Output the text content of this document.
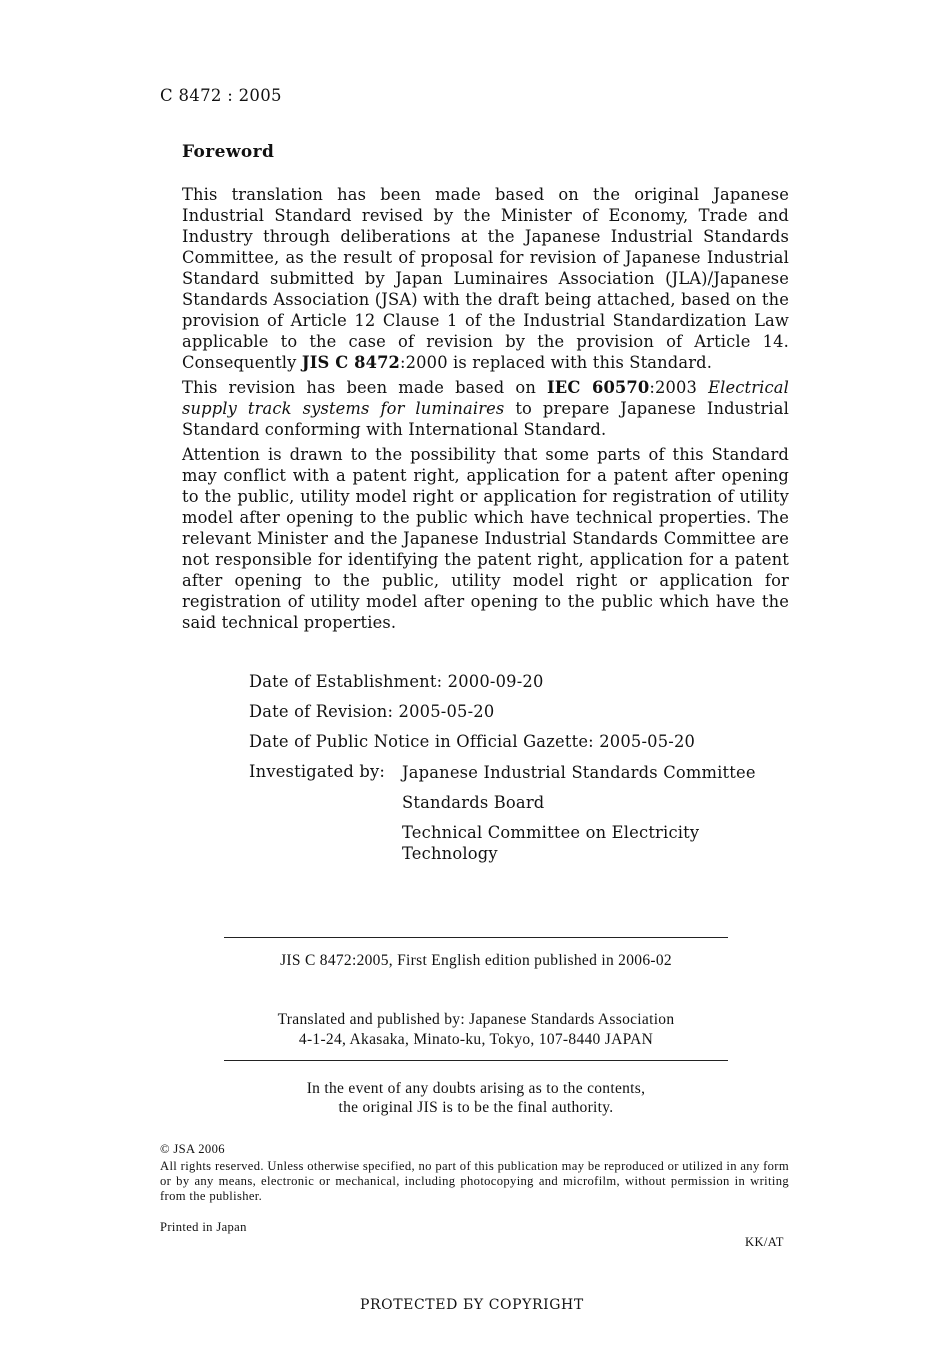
C 8472 : 2005
Foreword
This translation has been made based on the original Japanese Industrial Standard revised by the Minister of Economy, Trade and Industry through deliberations at the Japanese Industrial Standards Committee, as the result of proposal for revision of Japanese Industrial Standard submitted by Japan Luminaires Association (JLA)/Japanese Standards Association (JSA) with the draft being attached, based on the provision of Article 12 Clause 1 of the Industrial Standardization Law applicable to the case of revision by the provision of Article 14. Consequently JIS C 8472:2000 is replaced with this Standard.
This revision has been made based on IEC 60570:2003 Electrical supply track systems for luminaires to prepare Japanese Industrial Standard conforming with International Standard.
Attention is drawn to the possibility that some parts of this Standard may conflict with a patent right, application for a patent after opening to the public, utility model right or application for registration of utility model after opening to the public which have technical properties. The relevant Minister and the Japanese Industrial Standards Committee are not responsible for identifying the patent right, application for a patent after opening to the public, utility model right or application for registration of utility model after opening to the public which have the said technical properties.
Date of Establishment: 2000-09-20
Date of Revision: 2005-05-20
Date of Public Notice in Official Gazette: 2005-05-20
Investigated by: Japanese Industrial Standards Committee
Standards Board
Technical Committee on Electricity Technology
JIS C 8472:2005, First English edition published in 2006-02
Translated and published by: Japanese Standards Association
4-1-24, Akasaka, Minato-ku, Tokyo, 107-8440 JAPAN
In the event of any doubts arising as to the contents,
the original JIS is to be the final authority.
© JSA 2006
All rights reserved. Unless otherwise specified, no part of this publication may be reproduced or utilized in any form or by any means, electronic or mechanical, including photocopying and microfilm, without permission in writing from the publisher.
Printed in Japan
KK/AT
PROTECTED БY COPYRIGHT
